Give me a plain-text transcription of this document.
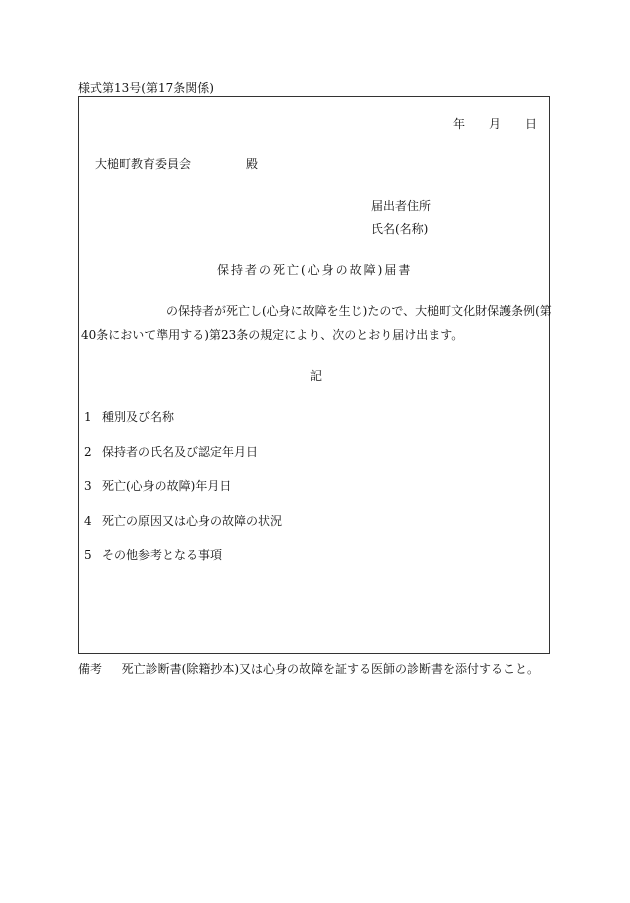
様式第13号(第17条関係)
年 月 日
大槌町教育委員会	殿
届出者住所
氏名(名称)
保持者の死亡(心身の故障)届書
の保持者が死亡し(心身に故障を生じ)たので、大槌町文化財保護条例(第
40条において準用する)第23条の規定により、次のとおり届け出ます。
記
1 種別及び名称
2 保持者の氏名及び認定年月日
3 死亡(心身の故障)年月日
4 死亡の原因又は心身の故障の状況
5 その他参考となる事項
備考 死亡診断書(除籍抄本)又は心身の故障を証する医師の診断書を添付すること。
